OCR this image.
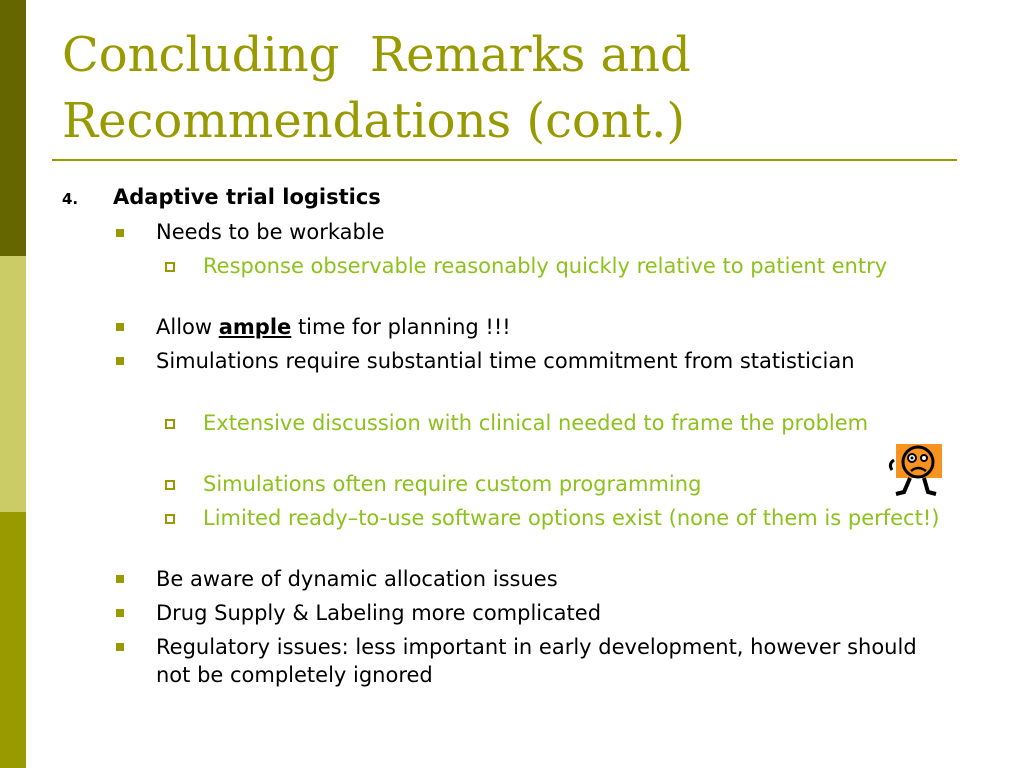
Concluding  Remarks and
Recommendations (cont.)
4. Adaptive trial logistics
Needs to be workable
Response observable reasonably quickly relative to patient entry
Allow ample time for planning !!!
Simulations require substantial time commitment from statistician
Extensive discussion with clinical needed to frame the problem
Simulations often require custom programming
Limited ready–to-use software options exist (none of them is perfect!)
Be aware of dynamic allocation issues
Drug Supply & Labeling more complicated
Regulatory issues: less important in early development, however should not be completely ignored
